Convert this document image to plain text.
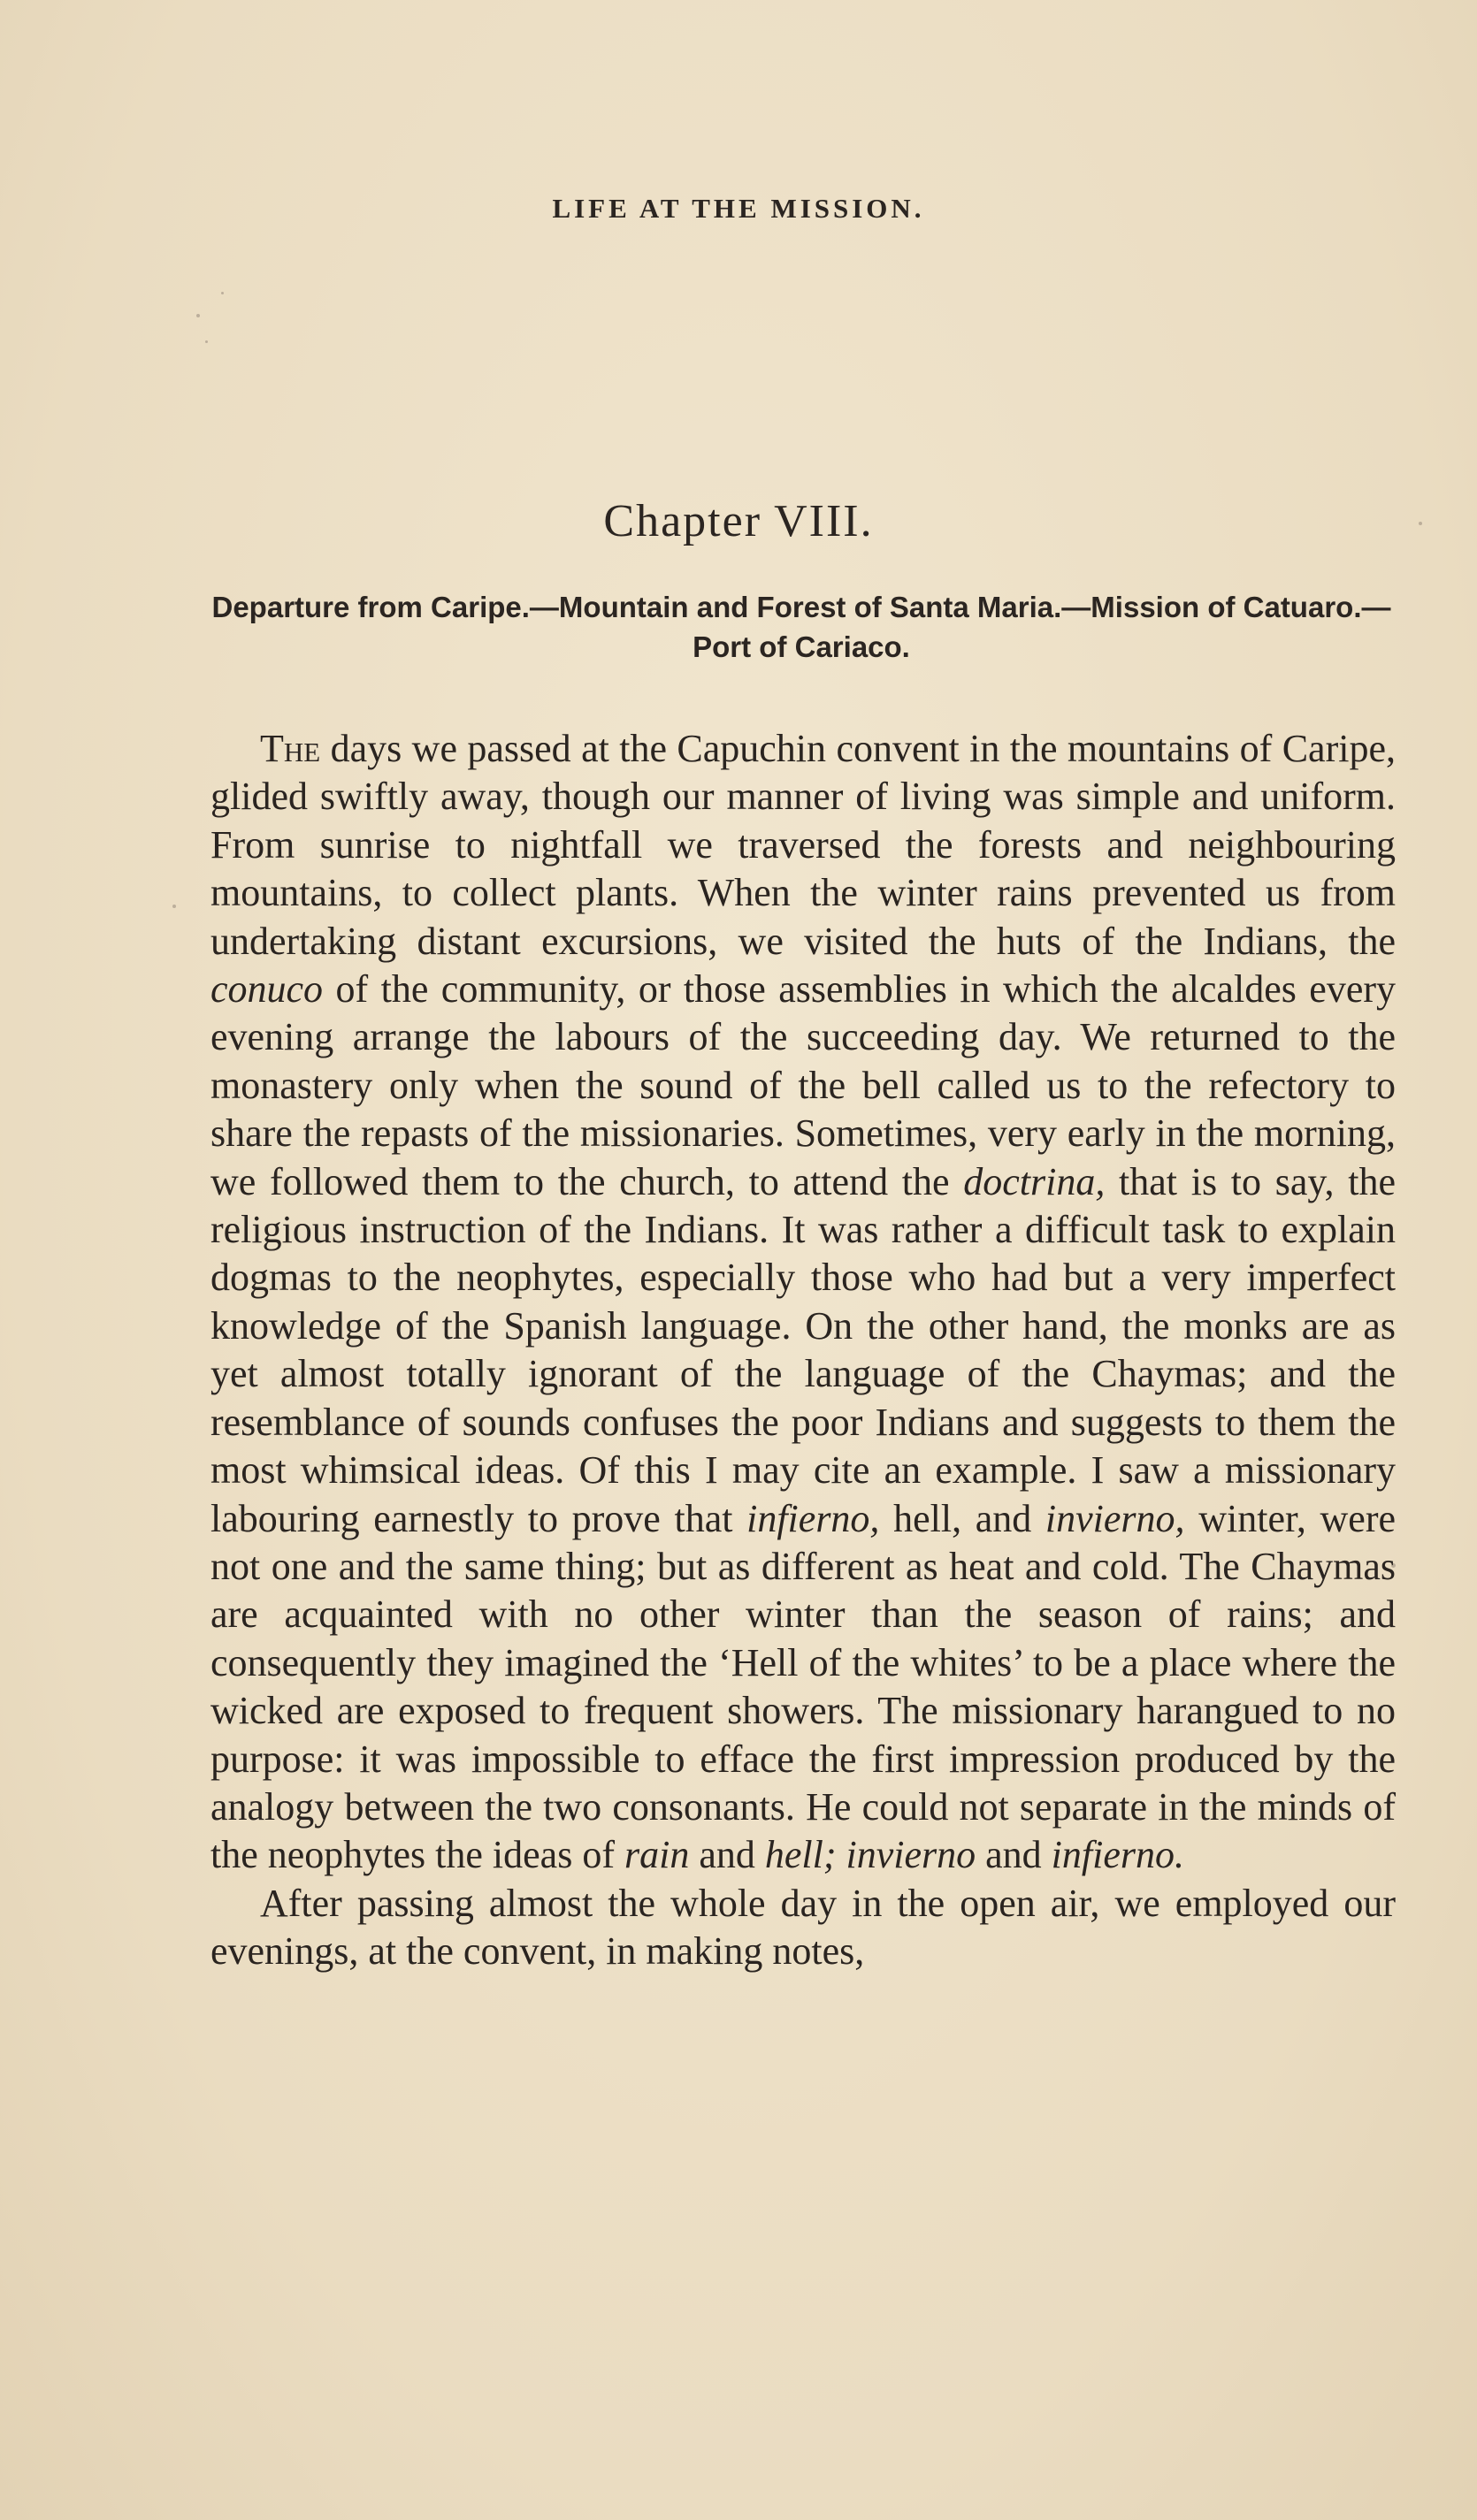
LIFE AT THE MISSION.
Chapter VIII.
Departure from Caripe.—Mountain and Forest of Santa Maria.—Mission of Catuaro.—Port of Cariaco.

The days we passed at the Capuchin convent in the mountains of Caripe, glided swiftly away, though our manner of living was simple and uniform. From sunrise to nightfall we traversed the forests and neighbouring mountains, to collect plants. When the winter rains prevented us from undertaking distant excursions, we visited the huts of the Indians, the conuco of the community, or those assemblies in which the alcaldes every evening arrange the labours of the succeeding day. We returned to the monastery only when the sound of the bell called us to the refectory to share the repasts of the missionaries. Sometimes, very early in the morning, we followed them to the church, to attend the doctrina, that is to say, the religious instruction of the Indians. It was rather a difficult task to explain dogmas to the neophytes, especially those who had but a very imperfect knowledge of the Spanish language. On the other hand, the monks are as yet almost totally ignorant of the language of the Chaymas; and the resemblance of sounds confuses the poor Indians and suggests to them the most whimsical ideas. Of this I may cite an example. I saw a missionary labouring earnestly to prove that infierno, hell, and invierno, winter, were not one and the same thing; but as different as heat and cold. The Chaymas are acquainted with no other winter than the season of rains; and consequently they imagined the ‘Hell of the whites’ to be a place where the wicked are exposed to frequent showers. The missionary harangued to no purpose: it was impossible to efface the first impression produced by the analogy between the two consonants. He could not separate in the minds of the neophytes the ideas of rain and hell; invierno and infierno.

After passing almost the whole day in the open air, we employed our evenings, at the convent, in making notes,
